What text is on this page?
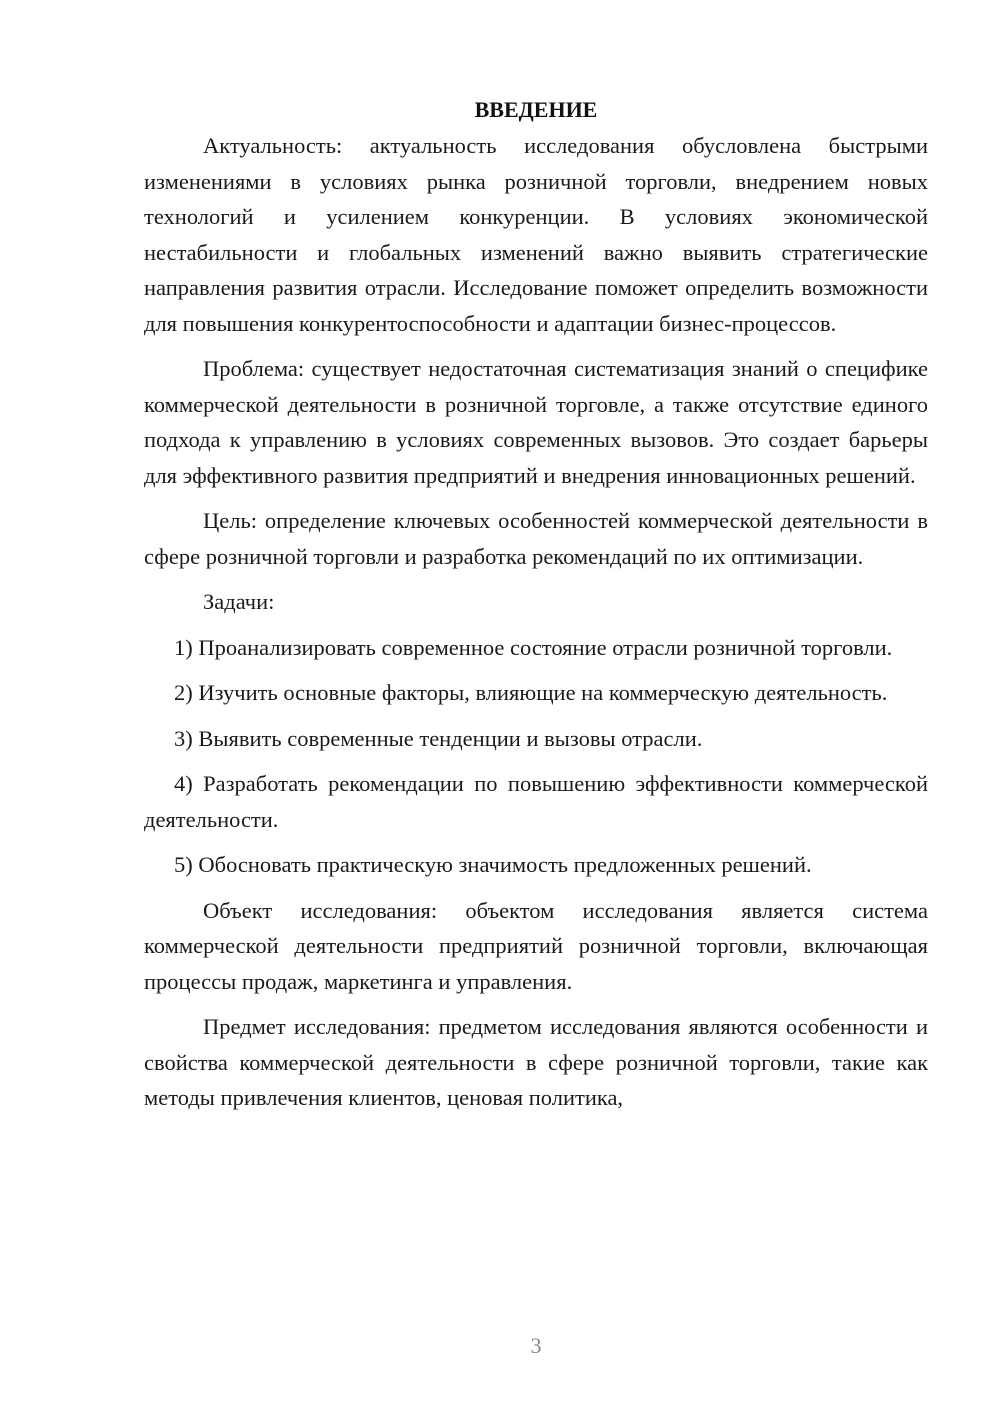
ВВЕДЕНИЕ

Актуальность: актуальность исследования обусловлена быстрыми изменениями в условиях рынка розничной торговли, внедрением новых технологий и усилением конкуренции. В условиях экономической нестабильности и глобальных изменений важно выявить стратегические направления развития отрасли. Исследование поможет определить возможности для повышения конкурентоспособности и адаптации бизнес-процессов.

Проблема: существует недостаточная систематизация знаний о специфике коммерческой деятельности в розничной торговле, а также отсутствие единого подхода к управлению в условиях современных вызовов. Это создает барьеры для эффективного развития предприятий и внедрения инновационных решений.

Цель: определение ключевых особенностей коммерческой деятельности в сфере розничной торговли и разработка рекомендаций по их оптимизации.

Задачи:

1) Проанализировать современное состояние отрасли розничной торговли.

2) Изучить основные факторы, влияющие на коммерческую деятельность.

3) Выявить современные тенденции и вызовы отрасли.

4) Разработать рекомендации по повышению эффективности коммерческой деятельности.

5) Обосновать практическую значимость предложенных решений.

Объект исследования: объектом исследования является система коммерческой деятельности предприятий розничной торговли, включающая процессы продаж, маркетинга и управления.

Предмет исследования: предметом исследования являются особенности и свойства коммерческой деятельности в сфере розничной торговли, такие как методы привлечения клиентов, ценовая политика,

3
